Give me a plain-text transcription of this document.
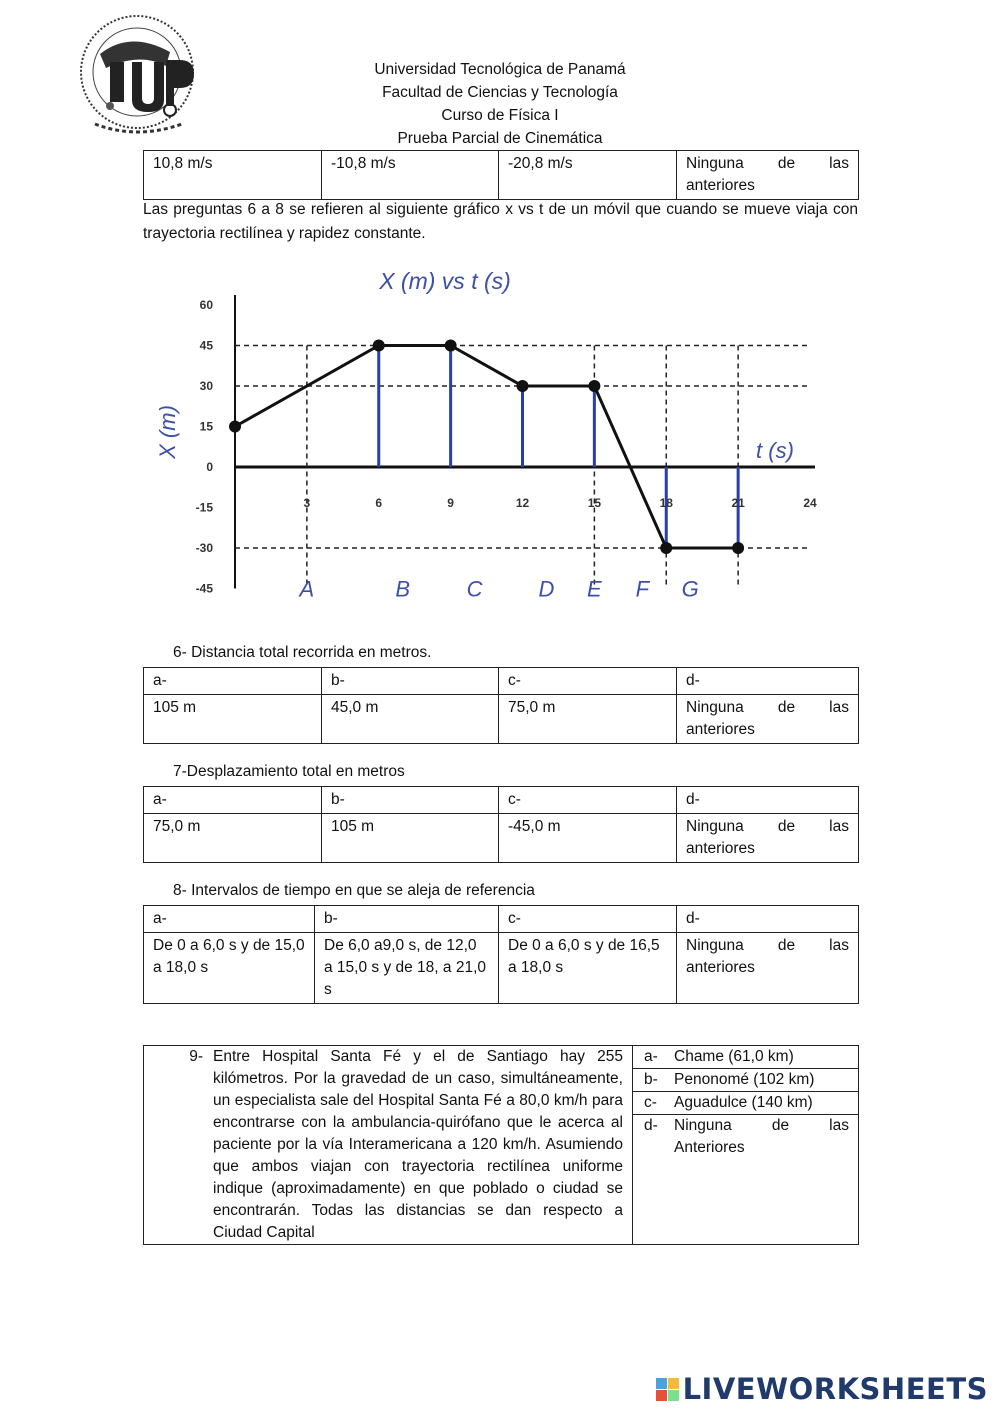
Universidad Tecnológica de Panamá
Facultad de Ciencias y Tecnología
Curso de Física I
Prueba Parcial de Cinemática
10,8 m/s	-10,8 m/s	-20,8 m/s	Ninguna de las anteriores
Las preguntas 6 a 8 se refieren al siguiente gráfico x vs t de un móvil que cuando se mueve viaja con trayectoria rectilínea y rapidez constante.
X (m) vs t (s)
X (m)	t (s)
60
45
30
15
0
-15
-30
-45
3	6	9	12	15	18	21	24
A	B	C	D E F G
6- Distancia total recorrida en metros.
a-	b-	c-	d-
105 m	45,0 m	75,0 m	Ninguna de las anteriores
7-Desplazamiento total en metros
a-	b-	c-	d-
75,0 m	105 m	-45,0 m	Ninguna de las anteriores
8- Intervalos de tiempo en que se aleja de referencia
a-	b-	c-	d-
De 0 a 6,0 s y de 15,0 a 18,0 s	De 6,0 a9,0 s, de 12,0 a 15,0 s y de 18, a 21,0 s	De 0 a 6,0 s y de 16,5 a 18,0 s	Ninguna de las anteriores
9- Entre Hospital Santa Fé y el de Santiago hay 255 kilómetros. Por la gravedad de un caso, simultáneamente, un especialista sale del Hospital Santa Fé a 80,0 km/h para encontrarse con la ambulancia-quirófano que le acerca al paciente por la vía Interamericana a 120 km/h. Asumiendo que ambos viajan con trayectoria rectilínea uniforme indique (aproximadamente) en que poblado o ciudad se encontrarán. Todas las distancias se dan respecto a Ciudad Capital

a-	Chame (61,0 km)
b-	Penonomé (102 km)
c-	Aguadulce (140 km)
d-	Ninguna de las Anteriores
LIVEWORKSHEETS
